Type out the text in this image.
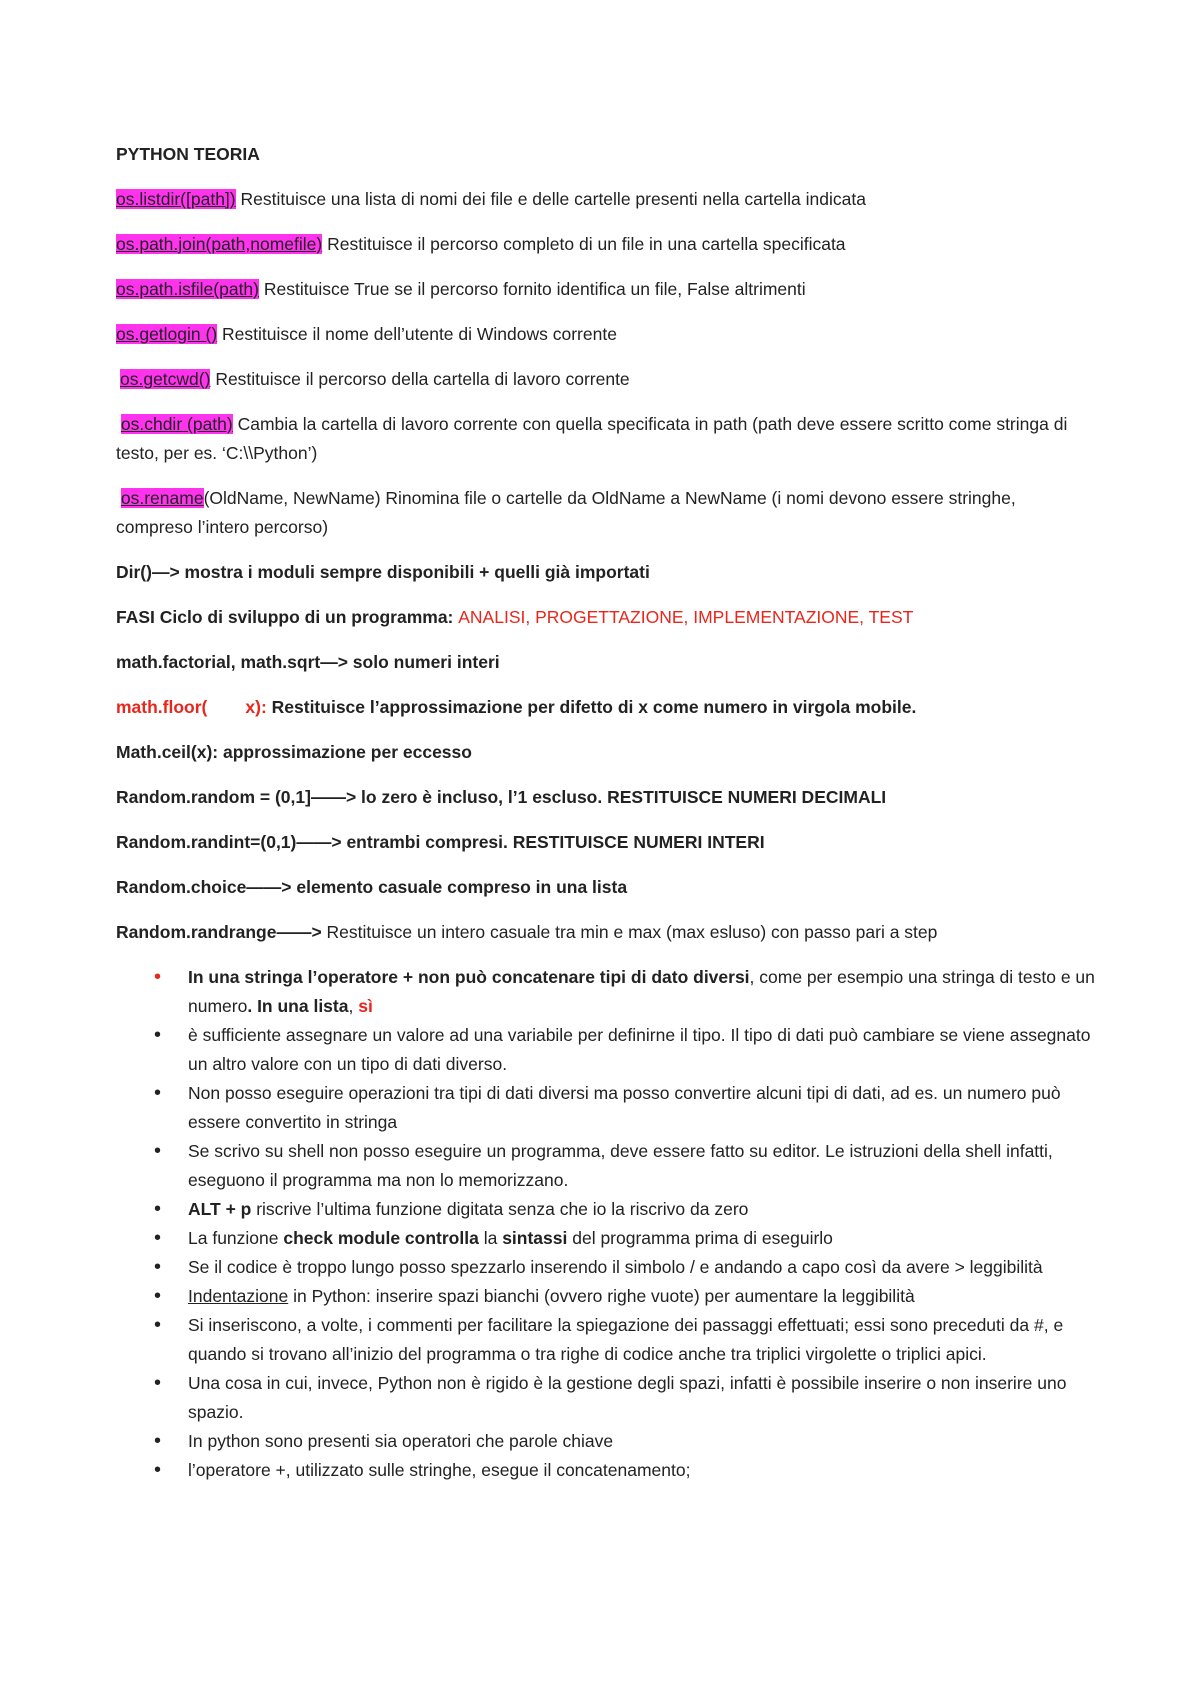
PYTHON TEORIA
os.listdir([path]) Restituisce una lista di nomi dei file e delle cartelle presenti nella cartella indicata
os.path.join(path,nomefile) Restituisce il percorso completo di un file in una cartella specificata
os.path.isfile(path) Restituisce True se il percorso fornito identifica un file, False altrimenti
os.getlogin () Restituisce il nome dell’utente di Windows corrente
os.getcwd() Restituisce il percorso della cartella di lavoro corrente
os.chdir (path) Cambia la cartella di lavoro corrente con quella specificata in path (path deve essere scritto come stringa di testo, per es. ‘C:\\Python’)
os.rename(OldName, NewName) Rinomina file o cartelle da OldName a NewName (i nomi devono essere stringhe, compreso l’intero percorso)
Dir()—> mostra i moduli sempre disponibili + quelli già importati
FASI Ciclo di sviluppo di un programma: ANALISI, PROGETTAZIONE, IMPLEMENTAZIONE, TEST
math.factorial, math.sqrt—> solo numeri interi
math.floor( x): Restituisce l’approssimazione per difetto di x come numero in virgola mobile.
Math.ceil(x): approssimazione per eccesso
Random.random = (0,1]——> lo zero è incluso, l’1 escluso. RESTITUISCE NUMERI DECIMALI
Random.randint=(0,1)——> entrambi compresi. RESTITUISCE NUMERI INTERI
Random.choice——> elemento casuale compreso in una lista
Random.randrange——> Restituisce un intero casuale tra min e max (max esluso) con passo pari a step
• In una stringa l’operatore + non può concatenare tipi di dato diversi, come per esempio una stringa di testo e un numero. In una lista, sì
• è sufficiente assegnare un valore ad una variabile per definirne il tipo. Il tipo di dati può cambiare se viene assegnato un altro valore con un tipo di dati diverso.
• Non posso eseguire operazioni tra tipi di dati diversi ma posso convertire alcuni tipi di dati, ad es. un numero può essere convertito in stringa
• Se scrivo su shell non posso eseguire un programma, deve essere fatto su editor. Le istruzioni della shell infatti, eseguono il programma ma non lo memorizzano.
• ALT + p riscrive l’ultima funzione digitata senza che io la riscrivo da zero
• La funzione check module controlla la sintassi del programma prima di eseguirlo
• Se il codice è troppo lungo posso spezzarlo inserendo il simbolo / e andando a capo così da avere > leggibilità
• Indentazione in Python: inserire spazi bianchi (ovvero righe vuote) per aumentare la leggibilità
• Si inseriscono, a volte, i commenti per facilitare la spiegazione dei passaggi effettuati; essi sono preceduti da #, e quando si trovano all’inizio del programma o tra righe di codice anche tra triplici virgolette o triplici apici.
• Una cosa in cui, invece, Python non è rigido è la gestione degli spazi, infatti è possibile inserire o non inserire uno spazio.
• In python sono presenti sia operatori che parole chiave
• l’operatore +, utilizzato sulle stringhe, esegue il concatenamento;
